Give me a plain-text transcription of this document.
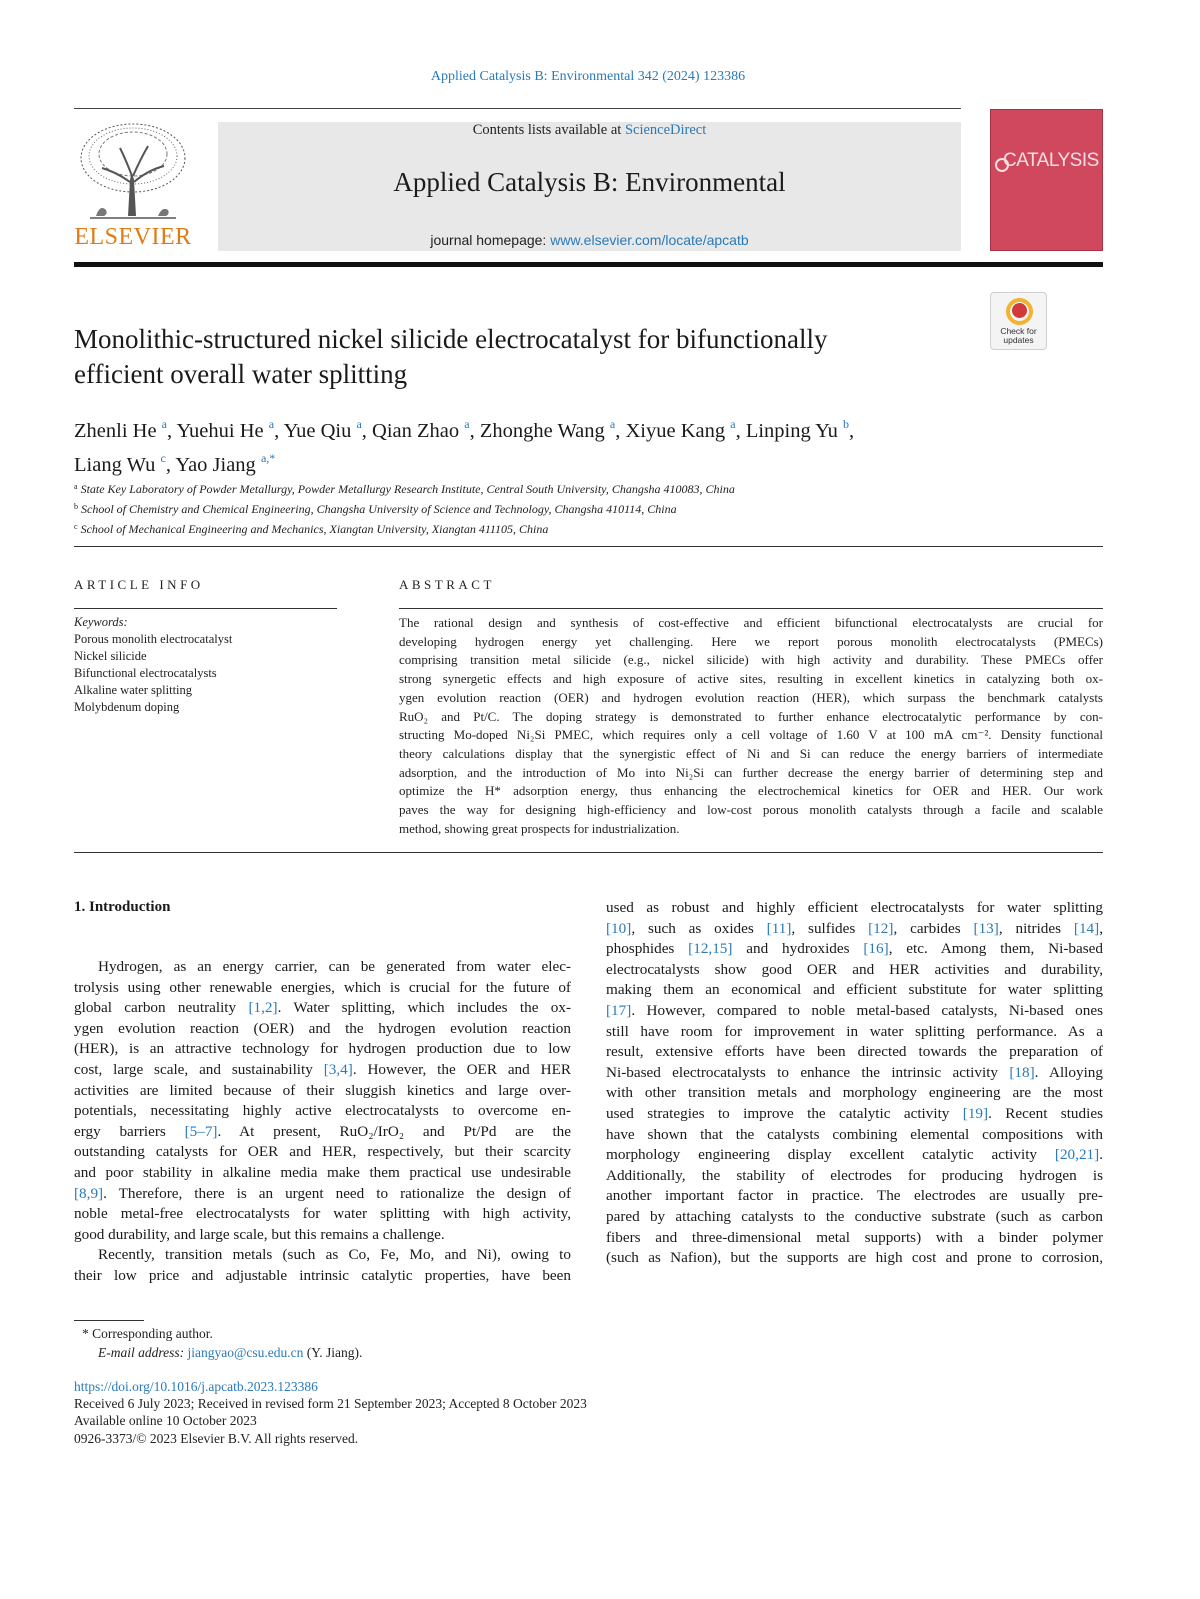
Applied Catalysis B: Environmental 342 (2024) 123386
ELSEVIER
Contents lists available at ScienceDirect
Applied Catalysis B: Environmental
journal homepage: www.elsevier.com/locate/apcatb
CATALYSIS
Check for
updates
Monolithic-structured nickel silicide electrocatalyst for bifunctionally
efficient overall water splitting
Zhenli He $^a$, Yuehui He $^a$, Yue Qiu $^a$, Qian Zhao $^a$, Zhonghe Wang $^a$, Xiyue Kang $^a$, Linping Yu $^b$,
Liang Wu $^c$, Yao Jiang $^{a,*}$
$^a$ State Key Laboratory of Powder Metallurgy, Powder Metallurgy Research Institute, Central South University, Changsha 410083, China
$^b$ School of Chemistry and Chemical Engineering, Changsha University of Science and Technology, Changsha 410114, China
$^c$ School of Mechanical Engineering and Mechanics, Xiangtan University, Xiangtan 411105, China
ARTICLE INFO	ABSTRACT
Keywords:
Porous monolith electrocatalyst
Nickel silicide
Bifunctional electrocatalysts
Alkaline water splitting
Molybdenum doping
The rational design and synthesis of cost-effective and efficient bifunctional electrocatalysts are crucial for
developing hydrogen energy yet challenging. Here we report porous monolith electrocatalysts (PMECs)
comprising transition metal silicide (e.g., nickel silicide) with high activity and durability. These PMECs offer
strong synergetic effects and high exposure of active sites, resulting in excellent kinetics in catalyzing both ox-
ygen evolution reaction (OER) and hydrogen evolution reaction (HER), which surpass the benchmark catalysts
RuO₂ and Pt/C. The doping strategy is demonstrated to further enhance electrocatalytic performance by con-
structing Mo-doped Ni₂Si PMEC, which requires only a cell voltage of 1.60 V at 100 mA cm⁻². Density functional
theory calculations display that the synergistic effect of Ni and Si can reduce the energy barriers of intermediate
adsorption, and the introduction of Mo into Ni₂Si can further decrease the energy barrier of determining step and
optimize the H* adsorption energy, thus enhancing the electrochemical kinetics for OER and HER. Our work
paves the way for designing high-efficiency and low-cost porous monolith catalysts through a facile and scalable
method, showing great prospects for industrialization.
1. Introduction
Hydrogen, as an energy carrier, can be generated from water elec-
trolysis using other renewable energies, which is crucial for the future of
global carbon neutrality [1,2]. Water splitting, which includes the ox-
ygen evolution reaction (OER) and the hydrogen evolution reaction
(HER), is an attractive technology for hydrogen production due to low
cost, large scale, and sustainability [3,4]. However, the OER and HER
activities are limited because of their sluggish kinetics and large over-
potentials, necessitating highly active electrocatalysts to overcome en-
ergy barriers [5–7]. At present, RuO₂/IrO₂ and Pt/Pd are the
outstanding catalysts for OER and HER, respectively, but their scarcity
and poor stability in alkaline media make them practical use undesirable
[8,9]. Therefore, there is an urgent need to rationalize the design of
noble metal-free electrocatalysts for water splitting with high activity,
good durability, and large scale, but this remains a challenge.
Recently, transition metals (such as Co, Fe, Mo, and Ni), owing to
their low price and adjustable intrinsic catalytic properties, have been
used as robust and highly efficient electrocatalysts for water splitting
[10], such as oxides [11], sulfides [12], carbides [13], nitrides [14],
phosphides [12,15] and hydroxides [16], etc. Among them, Ni-based
electrocatalysts show good OER and HER activities and durability,
making them an economical and efficient substitute for water splitting
[17]. However, compared to noble metal-based catalysts, Ni-based ones
still have room for improvement in water splitting performance. As a
result, extensive efforts have been directed towards the preparation of
Ni-based electrocatalysts to enhance the intrinsic activity [18]. Alloying
with other transition metals and morphology engineering are the most
used strategies to improve the catalytic activity [19]. Recent studies
have shown that the catalysts combining elemental compositions with
morphology engineering display excellent catalytic activity [20,21].
Additionally, the stability of electrodes for producing hydrogen is
another important factor in practice. The electrodes are usually pre-
pared by attaching catalysts to the conductive substrate (such as carbon
fibers and three-dimensional metal supports) with a binder polymer
(such as Nafion), but the supports are high cost and prone to corrosion,
* Corresponding author.
E-mail address: jiangyao@csu.edu.cn (Y. Jiang).
https://doi.org/10.1016/j.apcatb.2023.123386
Received 6 July 2023; Received in revised form 21 September 2023; Accepted 8 October 2023
Available online 10 October 2023
0926-3373/© 2023 Elsevier B.V. All rights reserved.
